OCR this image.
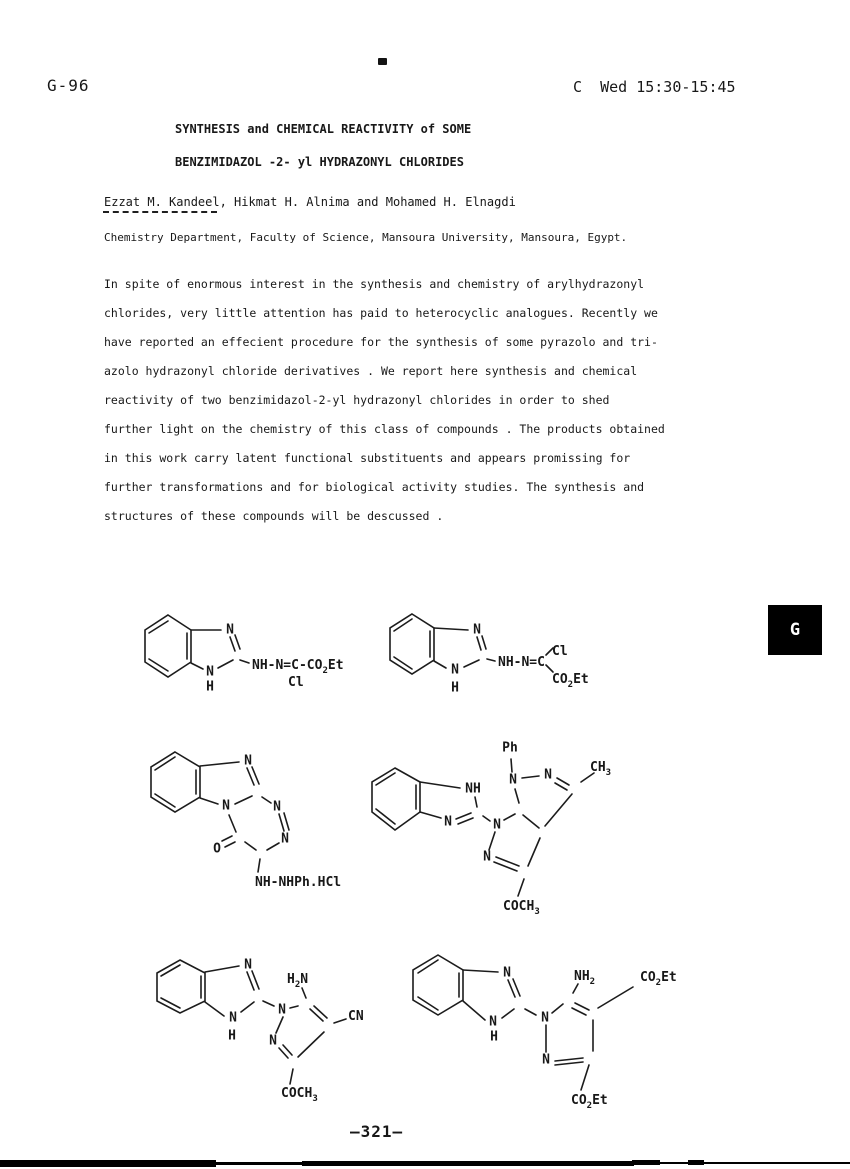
G-96	C  Wed 15:30-15:45
SYNTHESIS and CHEMICAL REACTIVITY of SOME
BENZIMIDAZOL -2- yl HYDRAZONYL CHLORIDES
Ezzat M. Kandeel, Hikmat H. Alnima and Mohamed H. Elnagdi
Chemistry Department, Faculty of Science, Mansoura University, Mansoura, Egypt.
In spite of enormous interest in the synthesis and chemistry of arylhydrazonyl
chlorides, very little attention has paid to heterocyclic analogues. Recently we
have reported an effecient procedure for the synthesis of some pyrazolo and tri-
azolo hydrazonyl chloride derivatives . We report here synthesis and chemical
reactivity of two benzimidazol-2-yl hydrazonyl chlorides in order to shed
further light on the chemistry of this class of compounds . The products obtained
in this work carry latent functional substituents and appears promissing for
further transformations and for biological activity studies. The synthesis and
structures of these compounds will be descussed .
N
N
H
$NH-N=C-CO_2Et$
Cl
N
N
H
NH-N=C
Cl
$CO_2Et$
N
N	N
N
O
NH-NHPh.HCl
NH
N	N
Ph
N N
N
$CH_3$
$COCH_3$
N
N
H
N
N
$H_2N$
CN
$COCH_3$
N
N
H
N
N
$NH_2$	$CO_2Et$
$CO_2Et$
G
—321—
